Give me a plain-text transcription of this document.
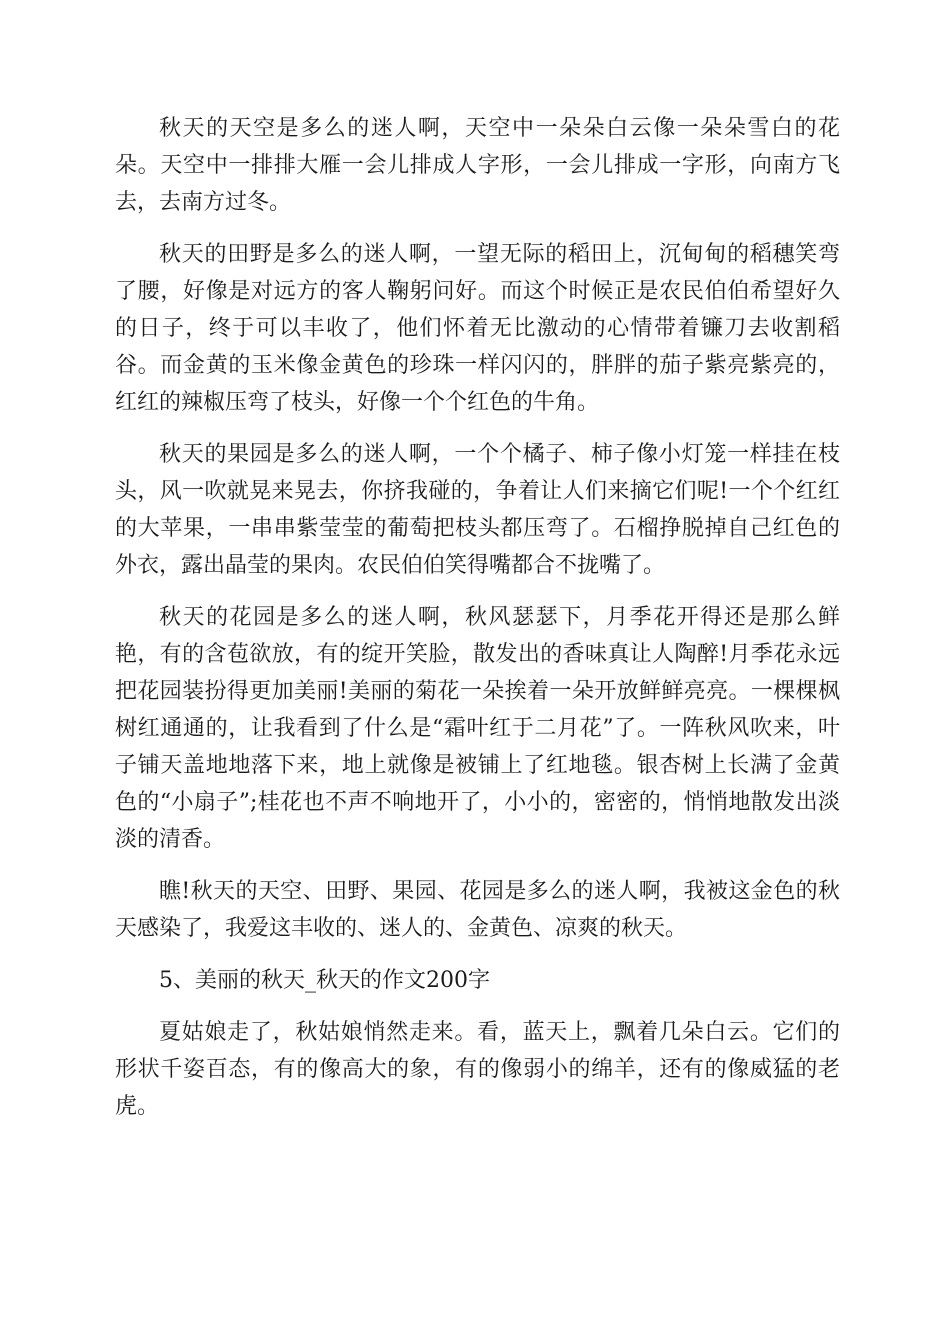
秋天的天空是多么的迷人啊，天空中一朵朵白云像一朵朵雪白的花朵。天空中一排排大雁一会儿排成人字形，一会儿排成一字形，向南方飞去，去南方过冬。

秋天的田野是多么的迷人啊，一望无际的稻田上，沉甸甸的稻穗笑弯了腰，好像是对远方的客人鞠躬问好。而这个时候正是农民伯伯希望好久的日子，终于可以丰收了，他们怀着无比激动的心情带着镰刀去收割稻谷。而金黄的玉米像金黄色的珍珠一样闪闪的，胖胖的茄子紫亮紫亮的，红红的辣椒压弯了枝头，好像一个个红色的牛角。

秋天的果园是多么的迷人啊，一个个橘子、柿子像小灯笼一样挂在枝头，风一吹就晃来晃去，你挤我碰的，争着让人们来摘它们呢!一个个红红的大苹果，一串串紫莹莹的葡萄把枝头都压弯了。石榴挣脱掉自己红色的外衣，露出晶莹的果肉。农民伯伯笑得嘴都合不拢嘴了。

秋天的花园是多么的迷人啊，秋风瑟瑟下，月季花开得还是那么鲜艳，有的含苞欲放，有的绽开笑脸，散发出的香味真让人陶醉!月季花永远把花园装扮得更加美丽!美丽的菊花一朵挨着一朵开放鲜鲜亮亮。一棵棵枫树红通通的，让我看到了什么是“霜叶红于二月花”了。一阵秋风吹来，叶子铺天盖地地落下来，地上就像是被铺上了红地毯。银杏树上长满了金黄色的“小扇子”;桂花也不声不响地开了，小小的，密密的，悄悄地散发出淡淡的清香。

瞧!秋天的天空、田野、果园、花园是多么的迷人啊，我被这金色的秋天感染了，我爱这丰收的、迷人的、金黄色、凉爽的秋天。

5、美丽的秋天_秋天的作文200字

夏姑娘走了，秋姑娘悄然走来。看，蓝天上，飘着几朵白云。它们的形状千姿百态，有的像高大的象，有的像弱小的绵羊，还有的像威猛的老虎。
